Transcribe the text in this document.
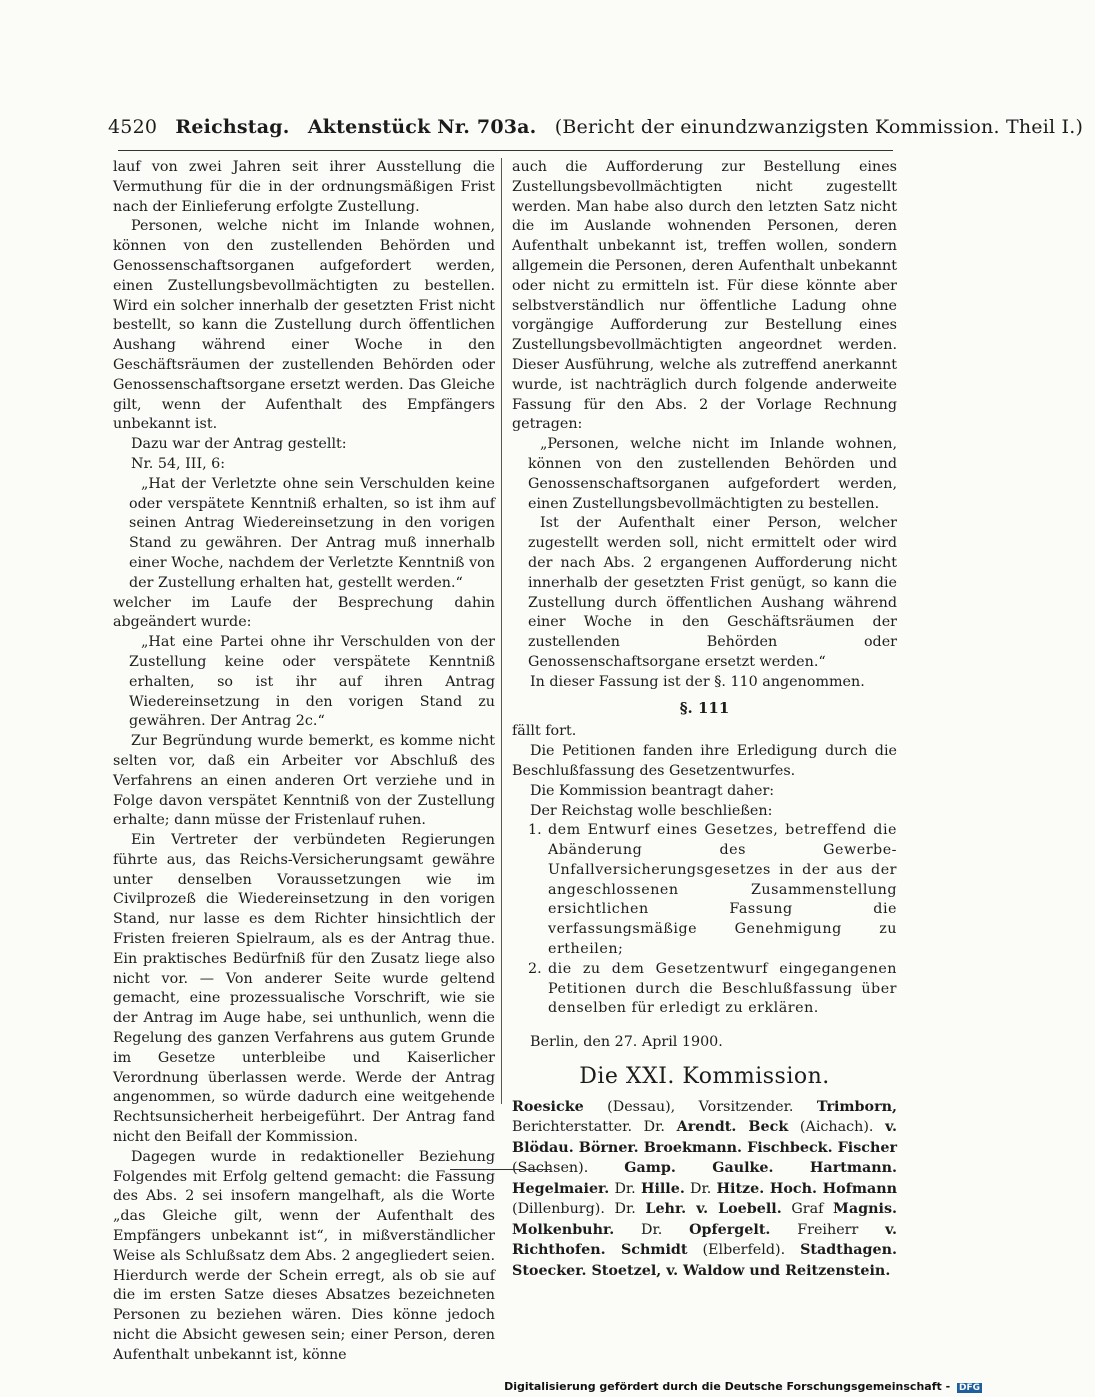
4520 Reichstag. Aktenstück Nr. 703a. (Bericht der einundzwanzigsten Kommission. Theil I.)

lauf von zwei Jahren seit ihrer Ausstellung die Vermuthung für die in der ordnungsmäßigen Frist nach der Einlieferung erfolgte Zustellung.

Personen, welche nicht im Inlande wohnen, können von den zustellenden Behörden und Genossenschaftsorganen aufgefordert werden, einen Zustellungsbevollmächtigten zu bestellen. Wird ein solcher innerhalb der gesetzten Frist nicht bestellt, so kann die Zustellung durch öffentlichen Aushang während einer Woche in den Geschäftsräumen der zustellenden Behörden oder Genossenschaftsorgane ersetzt werden. Das Gleiche gilt, wenn der Aufenthalt des Empfängers unbekannt ist.

Dazu war der Antrag gestellt:

Nr. 54, III, 6:

„Hat der Verletzte ohne sein Verschulden keine oder verspätete Kenntniß erhalten, so ist ihm auf seinen Antrag Wiedereinsetzung in den vorigen Stand zu gewähren. Der Antrag muß innerhalb einer Woche, nachdem der Verletzte Kenntniß von der Zustellung erhalten hat, gestellt werden.“

welcher im Laufe der Besprechung dahin abgeändert wurde:

„Hat eine Partei ohne ihr Verschulden von der Zustellung keine oder verspätete Kenntniß erhalten, so ist ihr auf ihren Antrag Wiedereinsetzung in den vorigen Stand zu gewähren. Der Antrag 2c.“

Zur Begründung wurde bemerkt, es komme nicht selten vor, daß ein Arbeiter vor Abschluß des Verfahrens an einen anderen Ort verziehe und in Folge davon verspätet Kenntniß von der Zustellung erhalte; dann müsse der Fristenlauf ruhen.

Ein Vertreter der verbündeten Regierungen führte aus, das Reichs-Versicherungsamt gewähre unter denselben Voraussetzungen wie im Civilprozeß die Wiedereinsetzung in den vorigen Stand, nur lasse es dem Richter hinsichtlich der Fristen freieren Spielraum, als es der Antrag thue. Ein praktisches Bedürfniß für den Zusatz liege also nicht vor. — Von anderer Seite wurde geltend gemacht, eine prozessualische Vorschrift, wie sie der Antrag im Auge habe, sei unthunlich, wenn die Regelung des ganzen Verfahrens aus gutem Grunde im Gesetze unterbleibe und Kaiserlicher Verordnung überlassen werde. Werde der Antrag angenommen, so würde dadurch eine weitgehende Rechtsunsicherheit herbeigeführt. Der Antrag fand nicht den Beifall der Kommission.

Dagegen wurde in redaktioneller Beziehung Folgendes mit Erfolg geltend gemacht: die Fassung des Abs. 2 sei insofern mangelhaft, als die Worte „das Gleiche gilt, wenn der Aufenthalt des Empfängers unbekannt ist“, in mißverständlicher Weise als Schlußsatz dem Abs. 2 angegliedert seien. Hierdurch werde der Schein erregt, als ob sie auf die im ersten Satze dieses Absatzes bezeichneten Personen zu beziehen wären. Dies könne jedoch nicht die Absicht gewesen sein; einer Person, deren Aufenthalt unbekannt ist, könne

auch die Aufforderung zur Bestellung eines Zustellungsbevollmächtigten nicht zugestellt werden. Man habe also durch den letzten Satz nicht die im Auslande wohnenden Personen, deren Aufenthalt unbekannt ist, treffen wollen, sondern allgemein die Personen, deren Aufenthalt unbekannt oder nicht zu ermitteln ist. Für diese könnte aber selbstverständlich nur öffentliche Ladung ohne vorgängige Aufforderung zur Bestellung eines Zustellungsbevollmächtigten angeordnet werden. Dieser Ausführung, welche als zutreffend anerkannt wurde, ist nachträglich durch folgende anderweite Fassung für den Abs. 2 der Vorlage Rechnung getragen:

„Personen, welche nicht im Inlande wohnen, können von den zustellenden Behörden und Genossenschaftsorganen aufgefordert werden, einen Zustellungsbevollmächtigten zu bestellen.

Ist der Aufenthalt einer Person, welcher zugestellt werden soll, nicht ermittelt oder wird der nach Abs. 2 ergangenen Aufforderung nicht innerhalb der gesetzten Frist genügt, so kann die Zustellung durch öffentlichen Aushang während einer Woche in den Geschäftsräumen der zustellenden Behörden oder Genossenschaftsorgane ersetzt werden.“

In dieser Fassung ist der §. 110 angenommen.

§. 111

fällt fort.

Die Petitionen fanden ihre Erledigung durch die Beschlußfassung des Gesetzentwurfes.

Die Kommission beantragt daher:

Der Reichstag wolle beschließen:

1. dem Entwurf eines Gesetzes, betreffend die Abänderung des Gewerbe-Unfallversicherungsgesetzes in der aus der angeschlossenen Zusammenstellung ersichtlichen Fassung die verfassungsmäßige Genehmigung zu ertheilen;
2. die zu dem Gesetzentwurf eingegangenen Petitionen durch die Beschlußfassung über denselben für erledigt zu erklären.

Berlin, den 27. April 1900.

Die XXI. Kommission.

Roesicke (Dessau), Vorsitzender. Trimborn, Berichterstatter. Dr. Arendt. Beck (Aichach). v. Blödau. Börner. Broekmann. Fischbeck. Fischer (Sachsen). Gamp. Gaulke. Hartmann. Hegelmaier. Dr. Hille. Dr. Hitze. Hoch. Hofmann (Dillenburg). Dr. Lehr. v. Loebell. Graf Magnis. Molkenbuhr. Dr. Opfergelt. Freiherr v. Richthofen. Schmidt (Elberfeld). Stadthagen. Stoecker. Stoetzel, v. Waldow und Reitzenstein.

Digitalisierung gefördert durch die Deutsche Forschungsgemeinschaft - DFG
